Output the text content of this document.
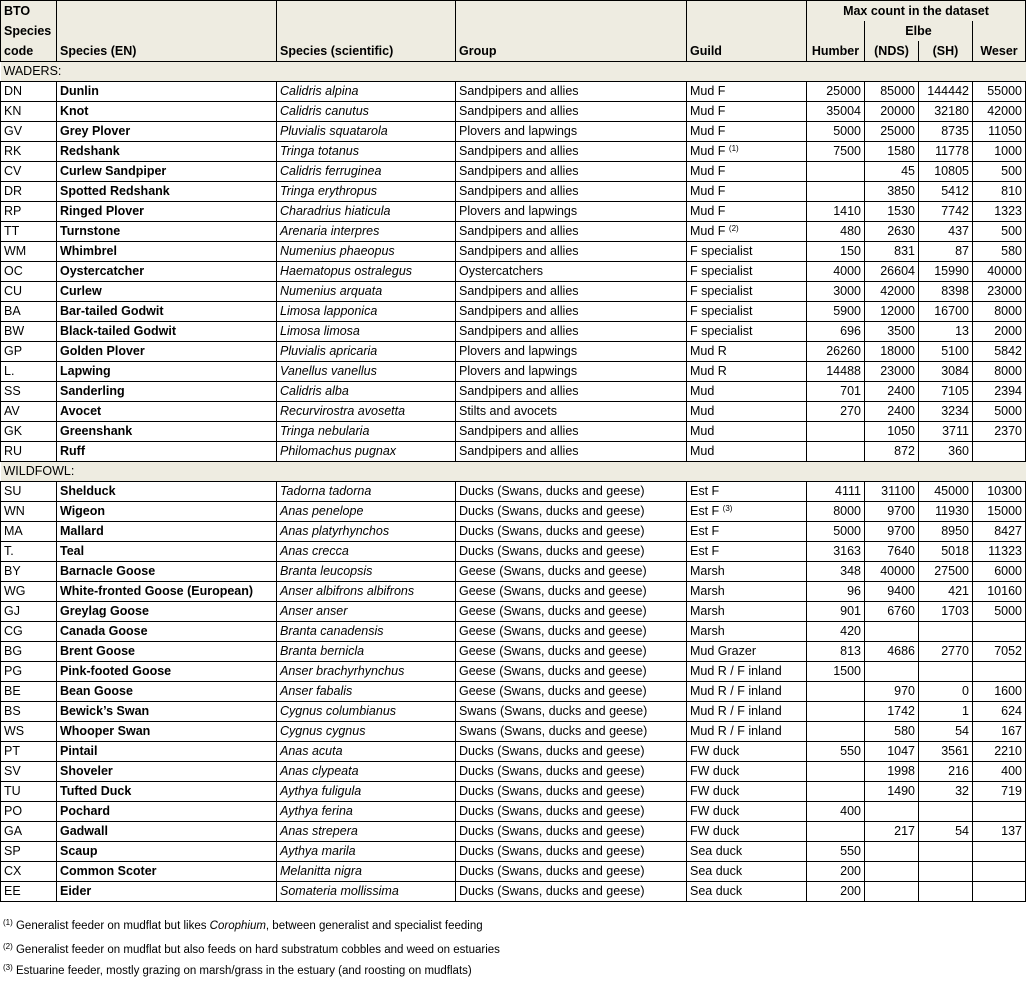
BTO
Species
code	Species (EN)	Species (scientific)	Group	Guild	Max count in the dataset			
						Elbe		
					Humber	(NDS)	(SH)	Weser
WADERS:								
DN	Dunlin	Calidris alpina	Sandpipers and allies	Mud F	25000	85000	144442	55000
KN	Knot	Calidris canutus	Sandpipers and allies	Mud F	35004	20000	32180	42000
GV	Grey Plover	Pluvialis squatarola	Plovers and lapwings	Mud F	5000	25000	8735	11050
RK	Redshank	Tringa totanus	Sandpipers and allies	Mud F $^{(1)}$	7500	1580	11778	1000
CV	Curlew Sandpiper	Calidris ferruginea	Sandpipers and allies	Mud F		45	10805	500
DR	Spotted Redshank	Tringa erythropus	Sandpipers and allies	Mud F		3850	5412	810
RP	Ringed Plover	Charadrius hiaticula	Plovers and lapwings	Mud F	1410	1530	7742	1323
TT	Turnstone	Arenaria interpres	Sandpipers and allies	Mud F $^{(2)}$	480	2630	437	500
WM	Whimbrel	Numenius phaeopus	Sandpipers and allies	F specialist	150	831	87	580
OC	Oystercatcher	Haematopus ostralegus	Oystercatchers	F specialist	4000	26604	15990	40000
CU	Curlew	Numenius arquata	Sandpipers and allies	F specialist	3000	42000	8398	23000
BA	Bar-tailed Godwit	Limosa lapponica	Sandpipers and allies	F specialist	5900	12000	16700	8000
BW	Black-tailed Godwit	Limosa limosa	Sandpipers and allies	F specialist	696	3500	13	2000
GP	Golden Plover	Pluvialis apricaria	Plovers and lapwings	Mud R	26260	18000	5100	5842
L.	Lapwing	Vanellus vanellus	Plovers and lapwings	Mud R	14488	23000	3084	8000
SS	Sanderling	Calidris alba	Sandpipers and allies	Mud	701	2400	7105	2394
AV	Avocet	Recurvirostra avosetta	Stilts and avocets	Mud	270	2400	3234	5000
GK	Greenshank	Tringa nebularia	Sandpipers and allies	Mud		1050	3711	2370
RU	Ruff	Philomachus pugnax	Sandpipers and allies	Mud		872	360	
WILDFOWL:								
SU	Shelduck	Tadorna tadorna	Ducks (Swans, ducks and geese)	Est F	4111	31100	45000	10300
WN	Wigeon	Anas penelope	Ducks (Swans, ducks and geese)	Est F $^{(3)}$	8000	9700	11930	15000
MA	Mallard	Anas platyrhynchos	Ducks (Swans, ducks and geese)	Est F	5000	9700	8950	8427
T.	Teal	Anas crecca	Ducks (Swans, ducks and geese)	Est F	3163	7640	5018	11323
BY	Barnacle Goose	Branta leucopsis	Geese (Swans, ducks and geese)	Marsh	348	40000	27500	6000
WG	White-fronted Goose (European)	Anser albifrons albifrons	Geese (Swans, ducks and geese)	Marsh	96	9400	421	10160
GJ	Greylag Goose	Anser anser	Geese (Swans, ducks and geese)	Marsh	901	6760	1703	5000
CG	Canada Goose	Branta canadensis	Geese (Swans, ducks and geese)	Marsh	420			
BG	Brent Goose	Branta bernicla	Geese (Swans, ducks and geese)	Mud Grazer	813	4686	2770	7052
PG	Pink-footed Goose	Anser brachyrhynchus	Geese (Swans, ducks and geese)	Mud R / F inland	1500			
BE	Bean Goose	Anser fabalis	Geese (Swans, ducks and geese)	Mud R / F inland		970	0	1600
BS	Bewick’s Swan	Cygnus columbianus	Swans (Swans, ducks and geese)	Mud R / F inland		1742	1	624
WS	Whooper Swan	Cygnus cygnus	Swans (Swans, ducks and geese)	Mud R / F inland		580	54	167
PT	Pintail	Anas acuta	Ducks (Swans, ducks and geese)	FW duck	550	1047	3561	2210
SV	Shoveler	Anas clypeata	Ducks (Swans, ducks and geese)	FW duck		1998	216	400
TU	Tufted Duck	Aythya fuligula	Ducks (Swans, ducks and geese)	FW duck		1490	32	719
PO	Pochard	Aythya ferina	Ducks (Swans, ducks and geese)	FW duck	400			
GA	Gadwall	Anas strepera	Ducks (Swans, ducks and geese)	FW duck		217	54	137
SP	Scaup	Aythya marila	Ducks (Swans, ducks and geese)	Sea duck	550			
CX	Common Scoter	Melanitta nigra	Ducks (Swans, ducks and geese)	Sea duck	200			
EE	Eider	Somateria mollissima	Ducks (Swans, ducks and geese)	Sea duck	200			
$^{(1)}$ Generalist feeder on mudflat but likes Corophium, between generalist and specialist feeding
$^{(2)}$ Generalist feeder on mudflat but also feeds on hard substratum cobbles and weed on estuaries
$^{(3)}$ Estuarine feeder, mostly grazing on marsh/grass in the estuary (and roosting on mudflats)
